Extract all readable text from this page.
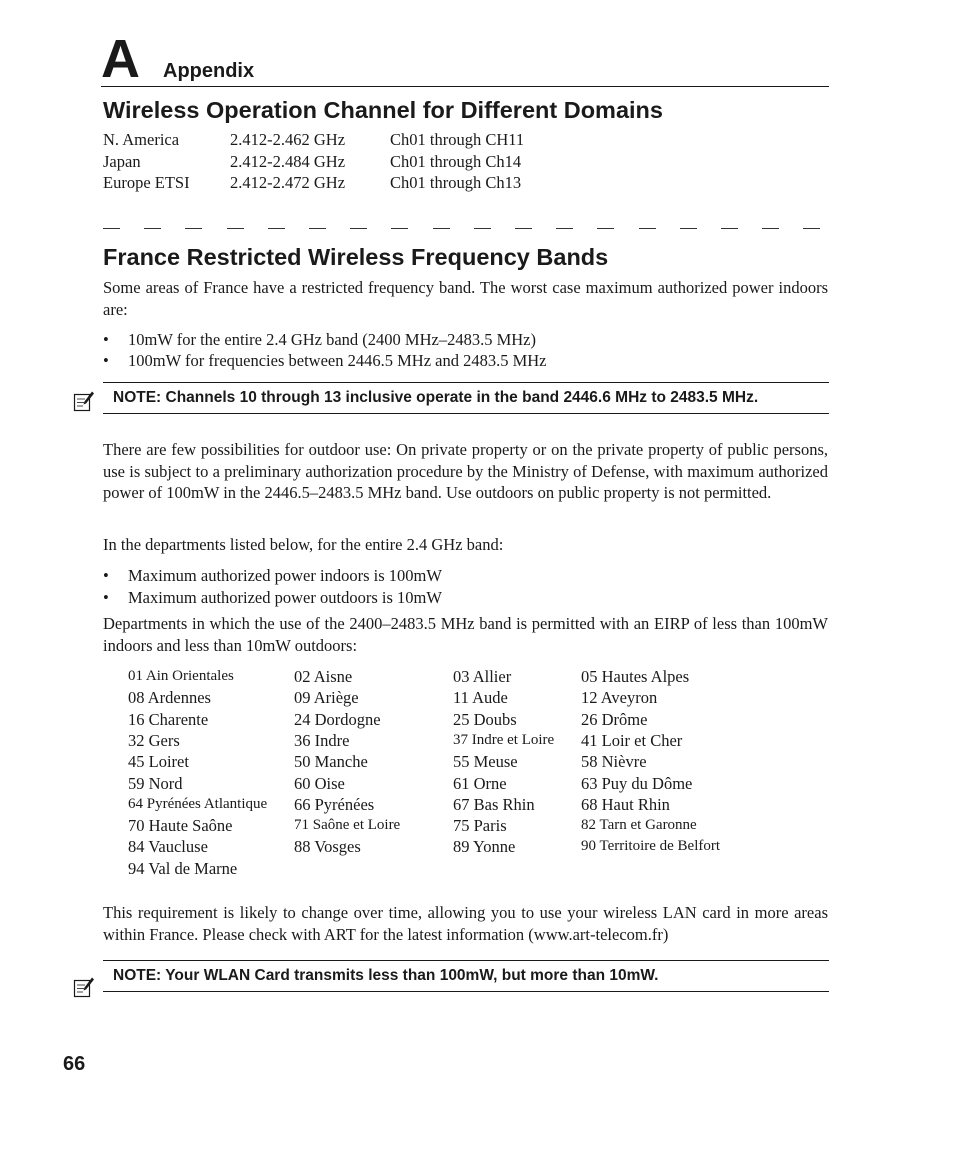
A Appendix
Wireless Operation Channel for Different Domains
N. America	2.412-2.462 GHz	Ch01 through CH11
Japan	2.412-2.484 GHz	Ch01 through Ch14
Europe ETSI 2.412-2.472 GHz	Ch01 through Ch13
France Restricted Wireless Frequency Bands

Some areas of France have a restricted frequency band. The worst case maximum authorized power indoors are:

• 10mW for the entire 2.4 GHz band (2400 MHz–2483.5 MHz)
• 100mW for frequencies between 2446.5 MHz and 2483.5 MHz
NOTE: Channels 10 through 13 inclusive operate in the band 2446.6 MHz to 2483.5 MHz.

There are few possibilities for outdoor use: On private property or on the private property of public persons, use is subject to a preliminary authorization procedure by the Ministry of Defense, with maximum authorized power of 100mW in the 2446.5–2483.5 MHz band. Use outdoors on public property is not permitted.

In the departments listed below, for the entire 2.4 GHz band:

• Maximum authorized power indoors is 100mW
• Maximum authorized power outdoors is 10mW

Departments in which the use of the 2400–2483.5 MHz band is permitted with an EIRP of less than 100mW indoors and less than 10mW outdoors:

01 Ain Orientales	02 Aisne	03 Allier	05 Hautes Alpes
08 Ardennes	09 Ariège	11 Aude	12 Aveyron
16 Charente	24 Dordogne	25 Doubs	26 Drôme
32 Gers	36 Indre	37 Indre et Loire 41 Loir et Cher
45 Loiret	50 Manche	55 Meuse	58 Nièvre
59 Nord	60 Oise	61 Orne	63 Puy du Dôme
64 Pyrénées Atlantique 66 Pyrénées	67 Bas Rhin	68 Haut Rhin
70 Haute Saône	71 Saône et Loire	75 Paris	82 Tarn et Garonne
84 Vaucluse	88 Vosges	89 Yonne	90 Territoire de Belfort
94 Val de Marne

This requirement is likely to change over time, allowing you to use your wireless LAN card in more areas within France. Please check with ART for the latest information (www.art-telecom.fr)

NOTE: Your WLAN Card transmits less than 100mW, but more than 10mW.
66
